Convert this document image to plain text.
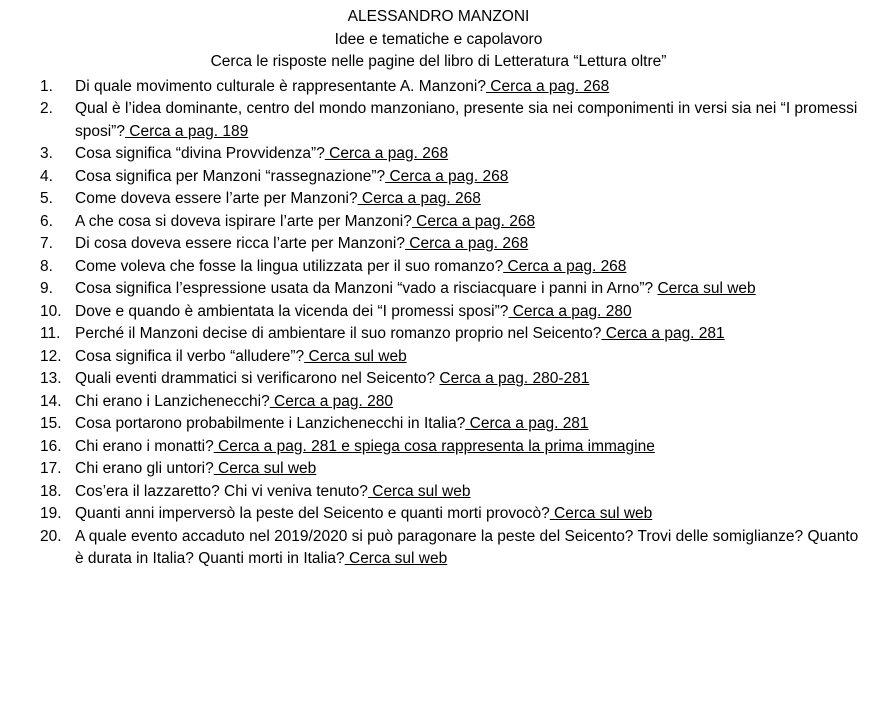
ALESSANDRO MANZONI
Idee e tematiche e capolavoro
Cerca le risposte nelle pagine del libro di Letteratura “Lettura oltre”
1. Di quale movimento culturale è rappresentante A. Manzoni? Cerca a pag. 268
2. Qual è l’idea dominante, centro del mondo manzoniano, presente sia nei componimenti in versi sia nei “I promessi sposi”? Cerca a pag. 189
3. Cosa significa “divina Provvidenza”? Cerca a pag. 268
4. Cosa significa per Manzoni “rassegnazione”? Cerca a pag. 268
5. Come doveva essere l’arte per Manzoni? Cerca a pag. 268
6. A che cosa si doveva ispirare l’arte per Manzoni? Cerca a pag. 268
7. Di cosa doveva essere ricca l’arte per Manzoni? Cerca a pag. 268
8. Come voleva che fosse la lingua utilizzata per il suo romanzo? Cerca a pag. 268
9. Cosa significa l’espressione usata da Manzoni “vado a risciacquare i panni in Arno”? Cerca sul web
10. Dove e quando è ambientata la vicenda dei “I promessi sposi”? Cerca a pag. 280
11. Perché il Manzoni decise di ambientare il suo romanzo proprio nel Seicento? Cerca a pag. 281
12. Cosa significa il verbo “alludere”? Cerca sul web
13. Quali eventi drammatici si verificarono nel Seicento? Cerca a pag. 280-281
14. Chi erano i Lanzichenecchi? Cerca a pag. 280
15. Cosa portarono probabilmente i Lanzichenecchi in Italia? Cerca a pag. 281
16. Chi erano i monatti? Cerca a pag. 281 e spiega cosa rappresenta la prima immagine
17. Chi erano gli untori? Cerca sul web
18. Cos’era il lazzaretto? Chi vi veniva tenuto? Cerca sul web
19. Quanti anni imperversò la peste del Seicento e quanti morti provocò? Cerca sul web
20. A quale evento accaduto nel 2019/2020 si può paragonare la peste del Seicento? Trovi delle somiglianze? Quanto è durata in Italia? Quanti morti in Italia? Cerca sul web
